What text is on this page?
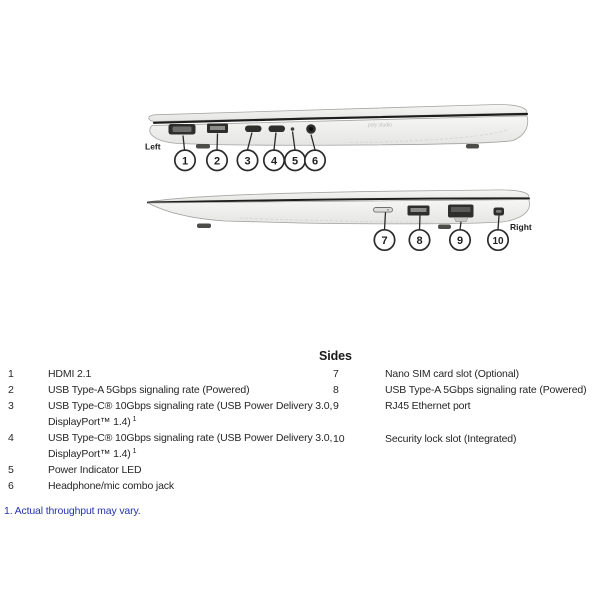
poly studio
1 2 3 4 5 6
Left
7	8	9	10
Right
Sides
1	HDMI 2.1
2	USB Type-A 5Gbps signaling rate (Powered)
3	USB Type-C® 10Gbps signaling rate (USB Power Delivery 3.0, DisplayPort™ 1.4) $^1$
4	USB Type-C® 10Gbps signaling rate (USB Power Delivery 3.0, DisplayPort™ 1.4) $^1$
5	Power Indicator LED
6	Headphone/mic combo jack
7	Nano SIM card slot (Optional)
8	USB Type-A 5Gbps signaling rate (Powered)
9	RJ45 Ethernet port
10	Security lock slot (Integrated)
1. Actual throughput may vary.
